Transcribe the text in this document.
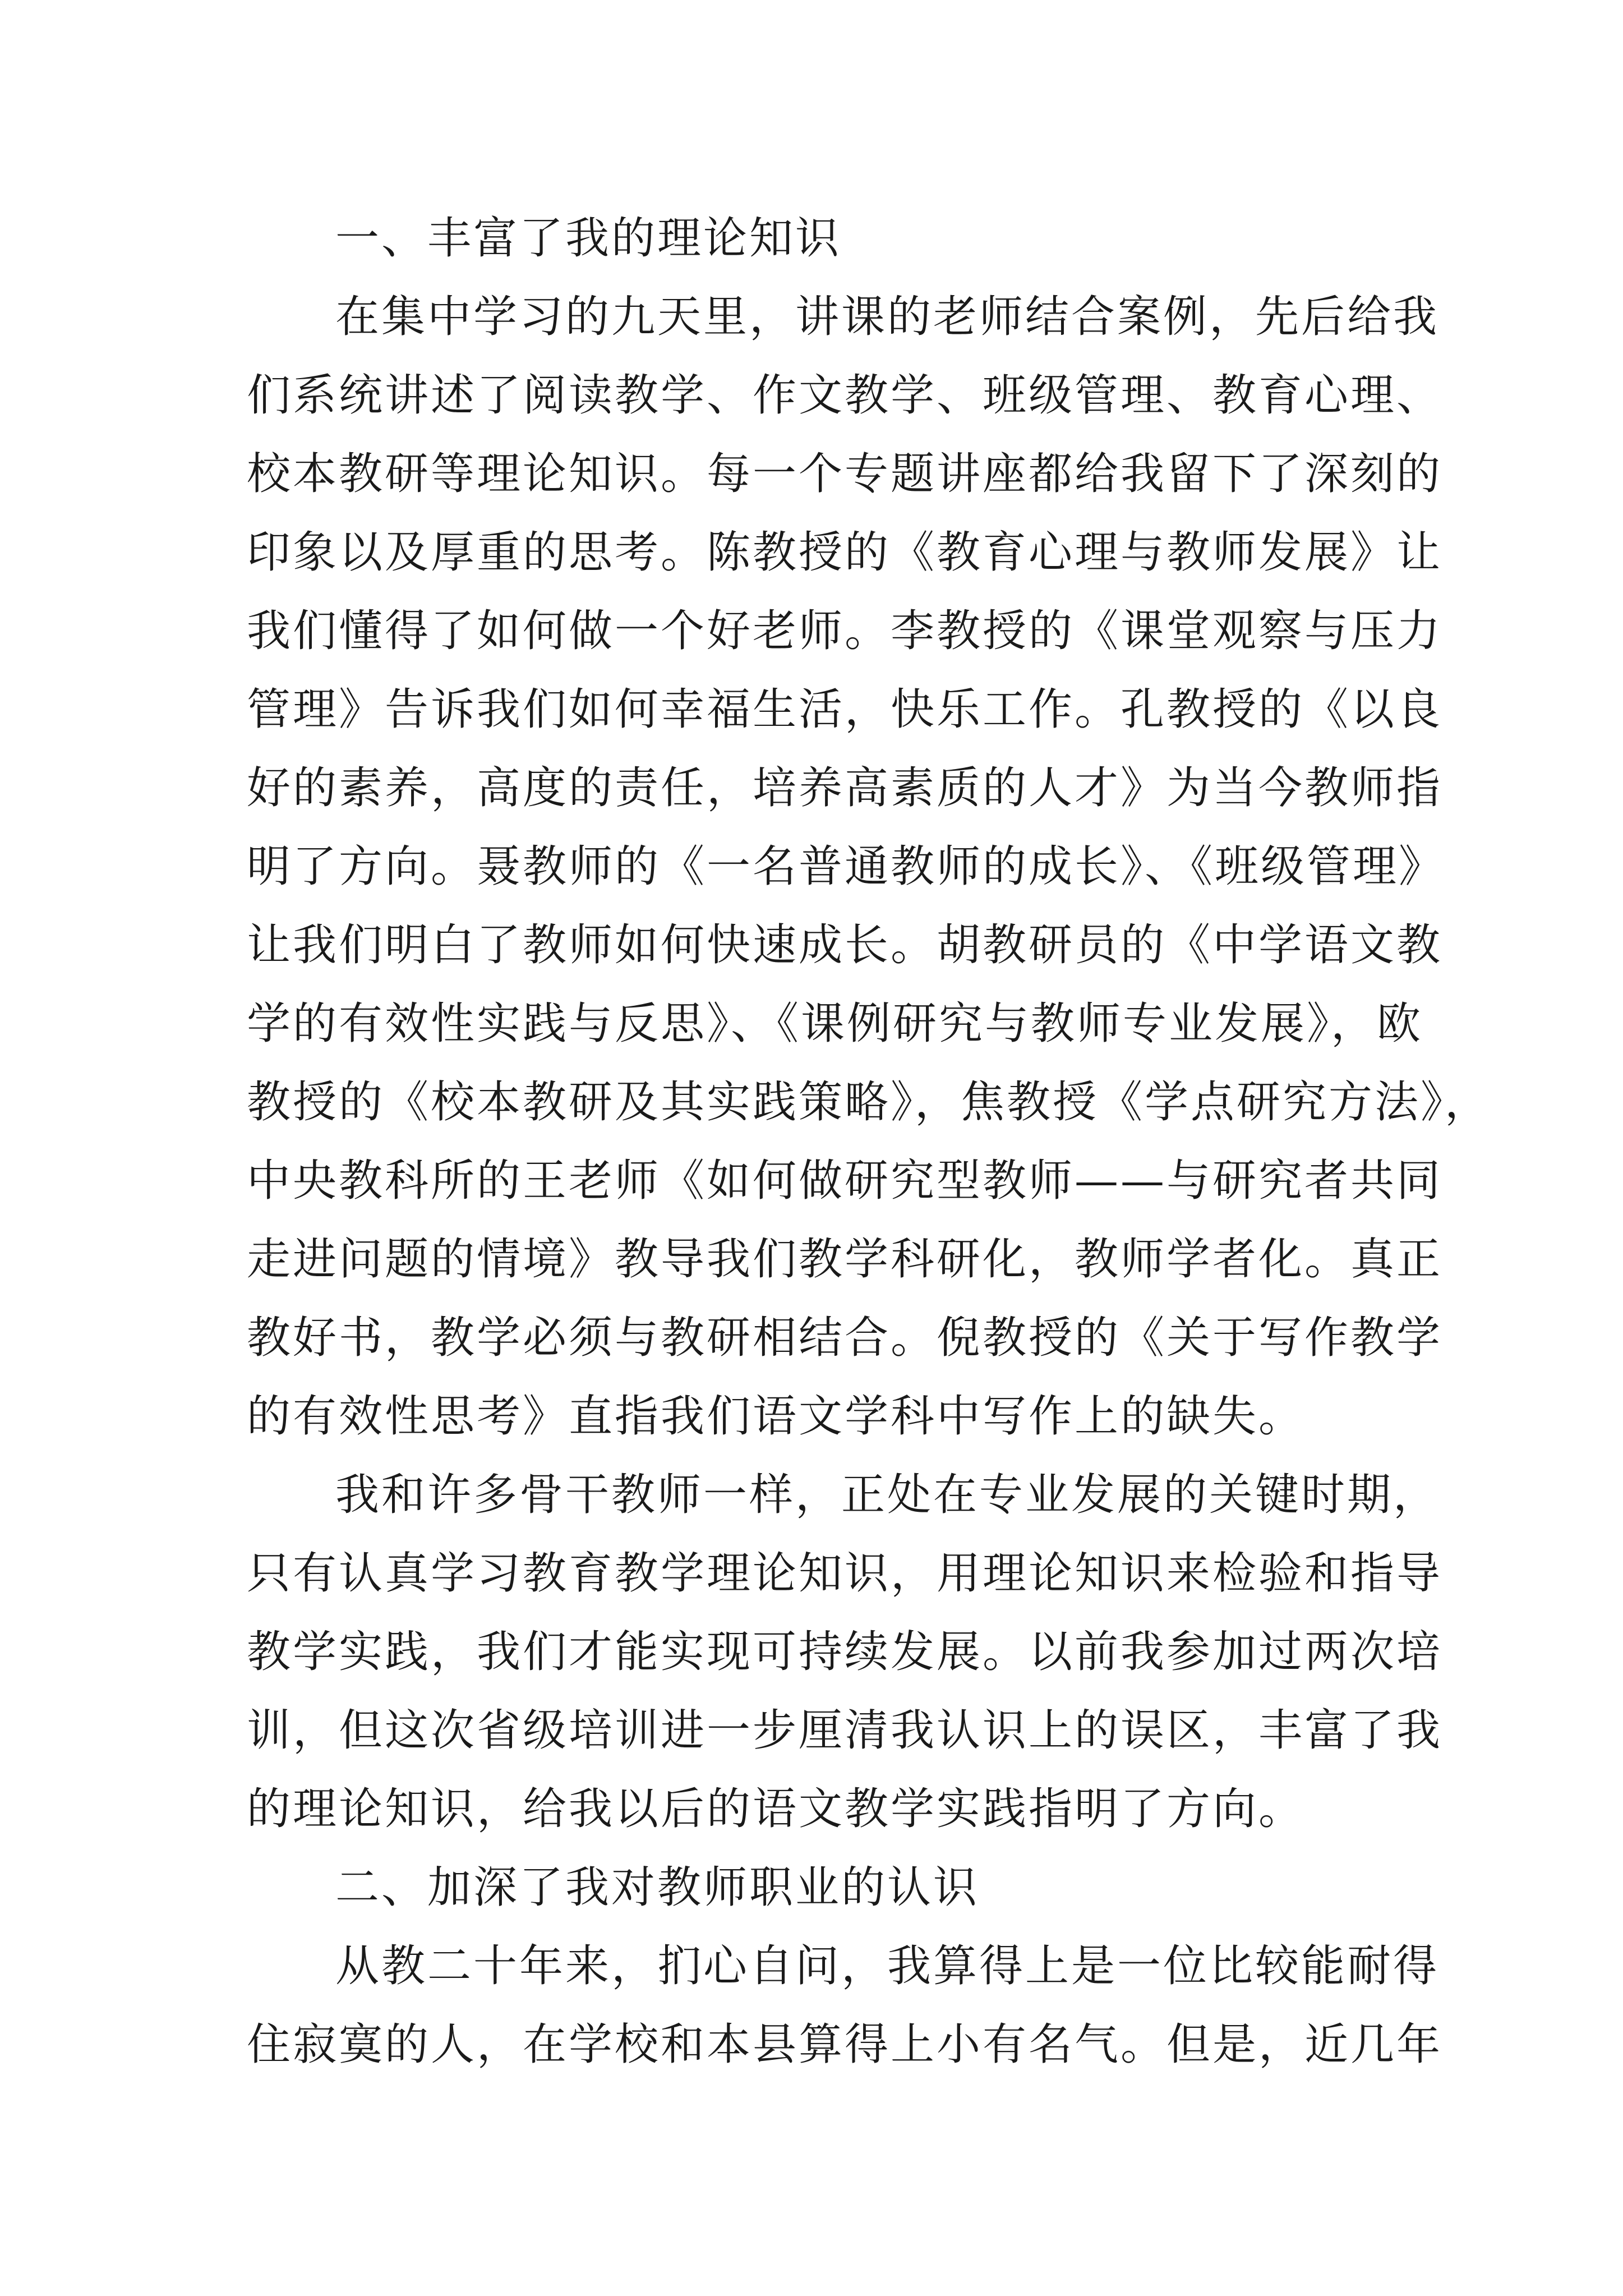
一、丰富了我的理论知识
在集中学习的九天里，讲课的老师结合案例，先后给我
们系统讲述了阅读教学、作文教学、班级管理、教育心理、
校本教研等理论知识。每一个专题讲座都给我留下了深刻的
印象以及厚重的思考。陈教授的《教育心理与教师发展》让
我们懂得了如何做一个好老师。李教授的《课堂观察与压力
管理》告诉我们如何幸福生活，快乐工作。孔教授的《以良
好的素养，高度的责任，培养高素质的人才》为当今教师指
明了方向。聂教师的《一名普通教师的成长》、《班级管理》
让我们明白了教师如何快速成长。胡教研员的《中学语文教
学的有效性实践与反思》、《课例研究与教师专业发展》，欧
教授的《校本教研及其实践策略》，焦教授《学点研究方法》，
中央教科所的王老师《如何做研究型教师——与研究者共同
走进问题的情境》教导我们教学科研化，教师学者化。真正
教好书，教学必须与教研相结合。倪教授的《关于写作教学
的有效性思考》直指我们语文学科中写作上的缺失。
我和许多骨干教师一样，正处在专业发展的关键时期，
只有认真学习教育教学理论知识，用理论知识来检验和指导
教学实践，我们才能实现可持续发展。以前我参加过两次培
训，但这次省级培训进一步厘清我认识上的误区，丰富了我
的理论知识，给我以后的语文教学实践指明了方向。
二、加深了我对教师职业的认识
从教二十年来，扪心自问，我算得上是一位比较能耐得
住寂寞的人，在学校和本县算得上小有名气。但是，近几年
